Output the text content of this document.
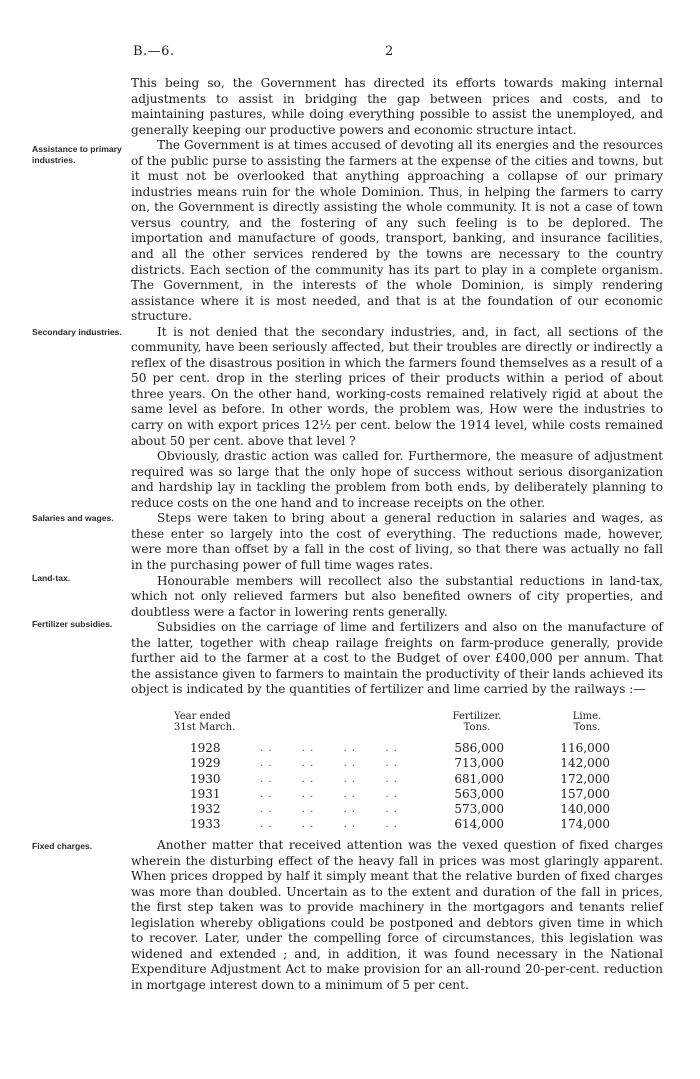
B.—6.	2
Assistance to primary industries.
Secondary industries.
Salaries and wages.
Land-tax.
Fertilizer subsidies.
Fixed charges.

This being so, the Government has directed its efforts towards making internal adjustments to assist in bridging the gap between prices and costs, and to maintaining pastures, while doing everything possible to assist the unemployed, and generally keeping our productive powers and economic structure intact.

The Government is at times accused of devoting all its energies and the resources of the public purse to assisting the farmers at the expense of the cities and towns, but it must not be overlooked that anything approaching a collapse of our primary industries means ruin for the whole Dominion. Thus, in helping the farmers to carry on, the Government is directly assisting the whole community. It is not a case of town versus country, and the fostering of any such feeling is to be deplored. The importation and manufacture of goods, transport, banking, and insurance facilities, and all the other services rendered by the towns are necessary to the country districts. Each section of the community has its part to play in a complete organism. The Government, in the interests of the whole Dominion, is simply rendering assistance where it is most needed, and that is at the foundation of our economic structure.

It is not denied that the secondary industries, and, in fact, all sections of the community, have been seriously affected, but their troubles are directly or indirectly a reflex of the disastrous position in which the farmers found themselves as a result of a 50 per cent. drop in the sterling prices of their products within a period of about three years. On the other hand, working-costs remained relatively rigid at about the same level as before. In other words, the problem was, How were the industries to carry on with export prices 12½ per cent. below the 1914 level, while costs remained about 50 per cent. above that level ?

Obviously, drastic action was called for. Furthermore, the measure of adjustment required was so large that the only hope of success without serious disorganization and hardship lay in tackling the problem from both ends, by deliberately planning to reduce costs on the one hand and to increase receipts on the other.

Steps were taken to bring about a general reduction in salaries and wages, as these enter so largely into the cost of everything. The reductions made, however, were more than offset by a fall in the cost of living, so that there was actually no fall in the purchasing power of full time wages rates.

Honourable members will recollect also the substantial reductions in land-tax, which not only relieved farmers but also benefited owners of city properties, and doubtless were a factor in lowering rents generally.

Subsidies on the carriage of lime and fertilizers and also on the manufacture of the latter, together with cheap railage freights on farm-produce generally, provide further aid to the farmer at a cost to the Budget of over £400,000 per annum. That the assistance given to farmers to maintain the productivity of their lands achieved its object is indicated by the quantities of fertilizer and lime carried by the railways :—

Year ended
31st March.
Fertilizer.
Tons.
Lime.
Tons.
1928	. .       . .       . .       . .	586,000	116,000
1929	. .       . .       . .       . .	713,000	142,000
1930	. .       . .       . .       . .	681,000	172,000
1931	. .       . .       . .       . .	563,000	157,000
1932	. .       . .       . .       . .	573,000	140,000
1933	. .       . .       . .       . .	614,000	174,000

Another matter that received attention was the vexed question of fixed charges wherein the disturbing effect of the heavy fall in prices was most glaringly apparent. When prices dropped by half it simply meant that the relative burden of fixed charges was more than doubled. Uncertain as to the extent and duration of the fall in prices, the first step taken was to provide machinery in the mortgagors and tenants relief legislation whereby obligations could be postponed and debtors given time in which to recover. Later, under the compelling force of circumstances, this legislation was widened and extended ; and, in addition, it was found necessary in the National Expenditure Adjustment Act to make provision for an all-round 20-per-cent. reduction in mortgage interest down to a minimum of 5 per cent.
